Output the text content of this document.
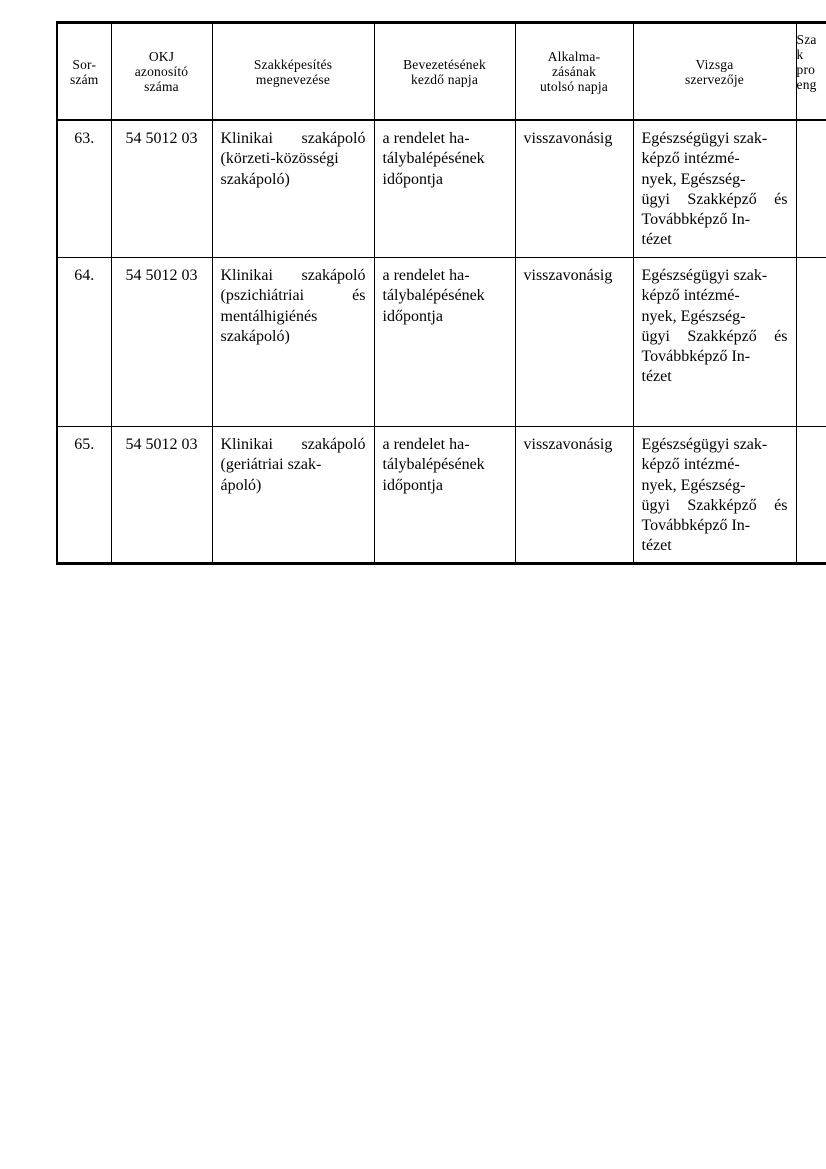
Sor-
szám	OKJ
azonosító
száma	Szakképesítés
megnevezése	Bevezetésének
kezdő napja	Alkalma-
zásának
utolsó napja	Vizsga
szervezője	Sza
k
pro
eng

63.	54 5012 03	Klinikai szakápoló (körzeti-közösségi szakápoló)	a rendelet ha-
tálybalépésének időpontja	visszavonásig	Egészségügyi szak-
képző intézmé-
nyek, Egészség-
ügyi Szakképző és Továbbképző In-
tézet	

64.	54 5012 03	Klinikai szakápoló (pszichiátriai és mentálhigiénés szakápoló)	a rendelet ha-
tálybalépésének időpontja	visszavonásig	Egészségügyi szak-
képző intézmé-
nyek, Egészség-
ügyi Szakképző és Továbbképző In-
tézet	

65.	54 5012 03	Klinikai szakápoló (geriátriai szak-
ápoló)	a rendelet ha-
tálybalépésének időpontja	visszavonásig	Egészségügyi szak-
képző intézmé-
nyek, Egészség-
ügyi Szakképző és Továbbképző In-
tézet	
